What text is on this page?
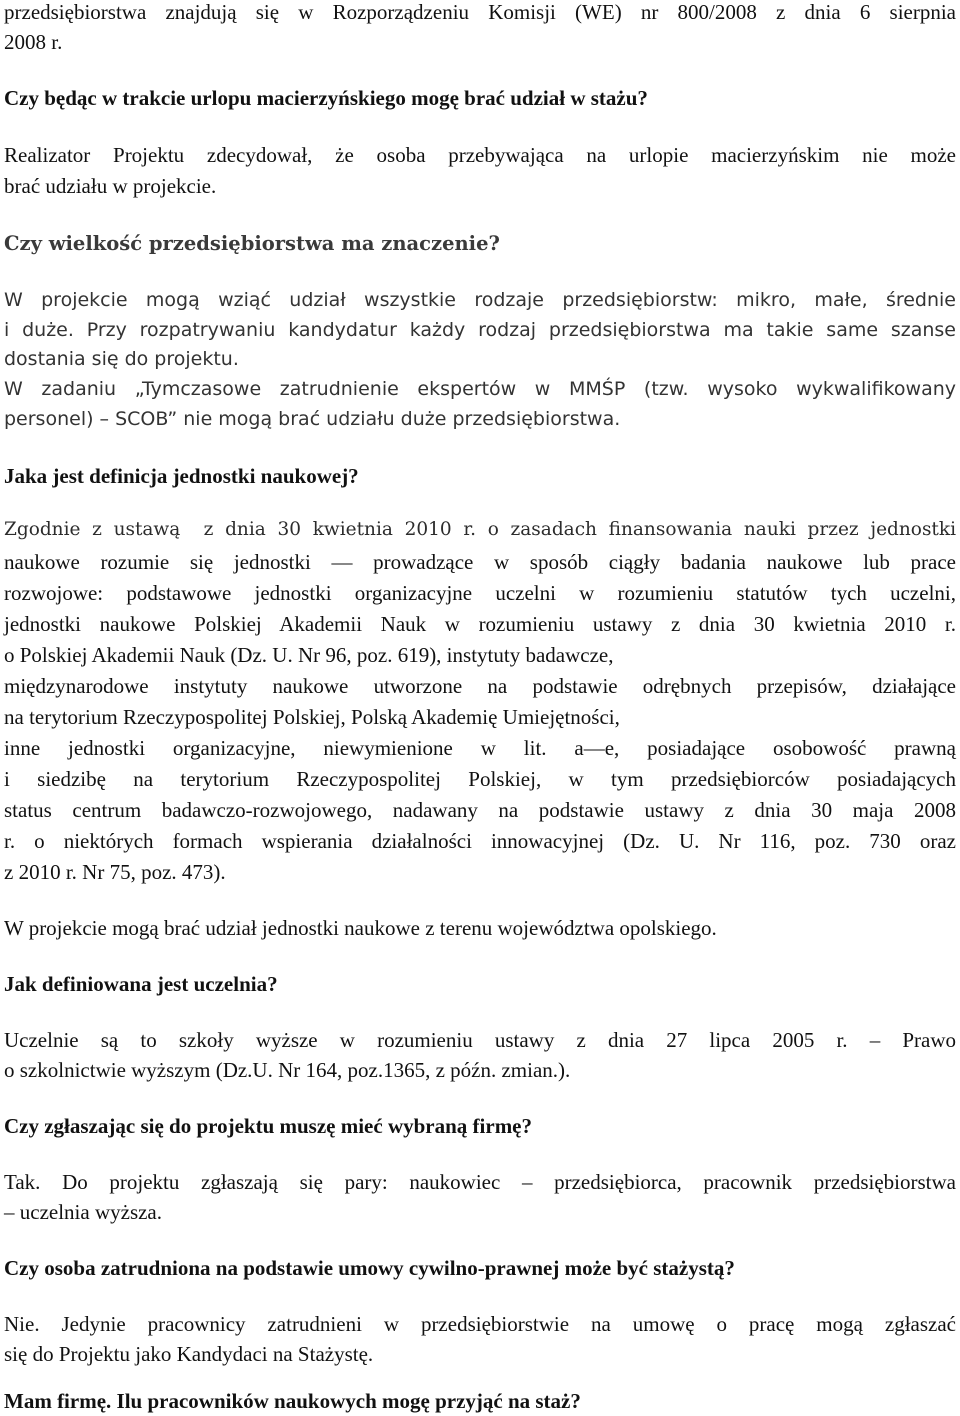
przedsiębiorstwa znajdują się w Rozporządzeniu Komisji (WE) nr 800/2008 z dnia 6 sierpnia
2008 r.
Czy będąc w trakcie urlopu macierzyńskiego mogę brać udział w stażu?
Realizator Projektu zdecydował, że osoba przebywająca na urlopie macierzyńskim nie może
brać udziału w projekcie.
Czy wielkość przedsiębiorstwa ma znaczenie?
W projekcie mogą wziąć udział wszystkie rodzaje przedsiębiorstw: mikro, małe, średnie
i duże. Przy rozpatrywaniu kandydatur każdy rodzaj przedsiębiorstwa ma takie same szanse
dostania się do projektu.
W zadaniu „Tymczasowe zatrudnienie ekspertów w MMŚP (tzw. wysoko wykwalifikowany
personel) – SCOB” nie mogą brać udziału duże przedsiębiorstwa.
Jaka jest definicja jednostki naukowej?
Zgodnie z ustawą  z dnia 30 kwietnia 2010 r. o zasadach finansowania nauki przez jednostki
naukowe rozumie się jednostki — prowadzące w sposób ciągły badania naukowe lub prace
rozwojowe: podstawowe jednostki organizacyjne uczelni w rozumieniu statutów tych uczelni,
jednostki naukowe Polskiej Akademii Nauk w rozumieniu ustawy z dnia 30 kwietnia 2010 r.
o Polskiej Akademii Nauk (Dz. U. Nr 96, poz. 619), instytuty badawcze,
międzynarodowe instytuty naukowe utworzone na podstawie odrębnych przepisów, działające
na terytorium Rzeczypospolitej Polskiej, Polską Akademię Umiejętności,
inne jednostki organizacyjne, niewymienione w lit. a—e, posiadające osobowość prawną
i siedzibę na terytorium Rzeczypospolitej Polskiej, w tym przedsiębiorców posiadających
status centrum badawczo-rozwojowego, nadawany na podstawie ustawy z dnia 30 maja 2008
r. o niektórych formach wspierania działalności innowacyjnej (Dz. U. Nr 116, poz. 730 oraz
z 2010 r. Nr 75, poz. 473).
W projekcie mogą brać udział jednostki naukowe z terenu województwa opolskiego.
Jak definiowana jest uczelnia?
Uczelnie są to szkoły wyższe w rozumieniu ustawy z dnia 27 lipca 2005 r. – Prawo
o szkolnictwie wyższym (Dz.U. Nr 164, poz.1365, z późn. zmian.).
Czy zgłaszając się do projektu muszę mieć wybraną firmę?
Tak. Do projektu zgłaszają się pary: naukowiec – przedsiębiorca, pracownik przedsiębiorstwa
– uczelnia wyższa.
Czy osoba zatrudniona na podstawie umowy cywilno-prawnej może być stażystą?
Nie. Jedynie pracownicy zatrudnieni w przedsiębiorstwie na umowę o pracę mogą zgłaszać
się do Projektu jako Kandydaci na Stażystę.
Mam firmę. Ilu pracowników naukowych mogę przyjąć na staż?
